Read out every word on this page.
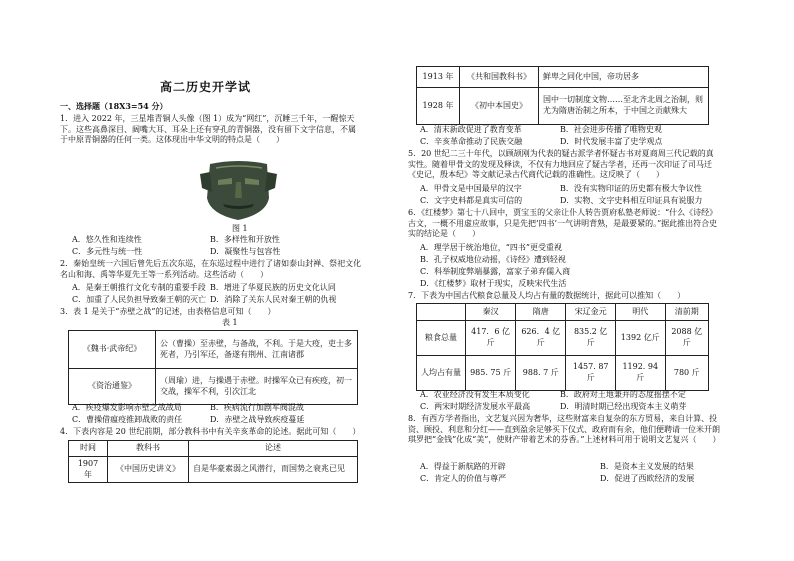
高二历史开学试
一、选择题（18X3=54 分）
1．进入 2022 年，三星堆青铜人头像（图 1）成为“网红”，沉睡三千年，一醒惊天下。这些高鼻深目、阔嘴大耳、耳朵上还有穿孔的青铜器，没有留下文字信息，不属于中原青铜器的任何一类。这体现出中华文明的特点是（　　）
图 1
A．悠久性和连续性	B．多样性和开放性
C．多元性与统一性	D．凝聚性与包容性
2．秦始皇统一六国后曾先后五次东巡，在东巡过程中进行了诸如泰山封禅、祭祀文化名山和海、禹等华夏先王等一系列活动。这些活动（　　）
A．是秦王朝推行文化专制的重要手段 B．增进了华夏民族的历史文化认同
C．加重了人民负担导致秦王朝的灭亡 D．消除了关东人民对秦王朝的仇视
3．表 1 是关于“赤壁之战”的记述，由表格信息可知（　　）
表 1
《魏书·武帝纪》	公（曹操）至赤壁，与备战，不利。于是大疫，吏士多死者，乃引军还，备遂有荆州、江南诸郡
《资治通鉴》	（周瑜）进，与操遇于赤壁。时操军众已有疾疫，初一交战，操军不利，引次江北
A．疾疫爆发影响赤壁之战战局	B．疾病流行加剧军阀混战
C．曹操借瘟疫推卸战败的责任	D．赤壁之战导致疾疫蔓延
4．下表内容是 20 世纪前期，部分教科书中有关辛亥革命的论述。据此可知（　　）
时间	教科书	论述
1907 年	《中国历史讲义》	自是华豪素弱之风潜行，而国势之衰兆已见
1913 年	《共和国教科书》	鲜卑之同化中国，帝功居多
1928 年	《初中本国史》	国中一切制度文物……至北齐北周之治制，则尤为隋唐治制之所本，于中国之贡献殊大
A．清末新政促进了教育变革	B．社会进步传播了唯物史观
C．辛亥革命推动了民族交融	D．时代发展丰富了史学观点
5．20 世纪二三十年代，以顾颉刚为代表的疑古派学者怀疑古书对夏商周三代记载的真实性。随着甲骨文的发现及释读，不仅有力地回应了疑古学者，还再一次印证了司马迁《史记，殷本纪》等文献记录古代商代记载的准确性。这反映了（　　）
A．甲骨文是中国最早的汉字	B．没有实物印证的历史都有极大争议性
C．文字史料都是真实可信的	D．实物、文字史料相互印证具有说服力
6．《红楼梦》第七十八回中，贾宝玉的父亲让仆人转告贾府私塾老师说：“什么《诗经》古文，一概不用虚应故事，只是先把‘四书’一气讲明背熟，是最要紧的。”据此推出符合史实的结论是（　　）
A．理学居于统治地位，“四书”更受重视
B．孔子权威地位动摇，《诗经》遭到轻视
C．科举制度弊端暴露，富家子弟弃儒入商
D．《红楼梦》取材于现实，反映宋代生活
7．下表为中国古代粮食总量及人均占有量的数据统计，据此可以推知（　　）
	秦汉	隋唐	宋辽金元	明代	清前期
粮食总量	417．6 亿斤	626．4 亿斤	835.2 亿斤	1392 亿斤	2088 亿斤
人均占有量	985. 75 斤	988. 7 斤	1457. 87 斤	1192. 94 斤	780 斤
A．农业经济没有发生本质变化	B．政府对土地兼并的态度摇摆不定
C．两宋时期经济发展水平最高	D．明清时期已经出现资本主义萌芽
8．有西方学者指出，文艺复兴因为奢华，这些财富来自复杂的东方贸易，来自计算、投资、顾投、利息和分红——直到盈余足够买下仪式、政府而有余，他们便聘请一位米开朗琪罗把“金钱”化成“美”，使财产带着艺术的芬香。”上述材料可用于说明文艺复兴（　　）
A．得益于新航路的开辟	B．是资本主义发展的结果
C．肯定人的价值与尊严	D．促进了西欧经济的发展
